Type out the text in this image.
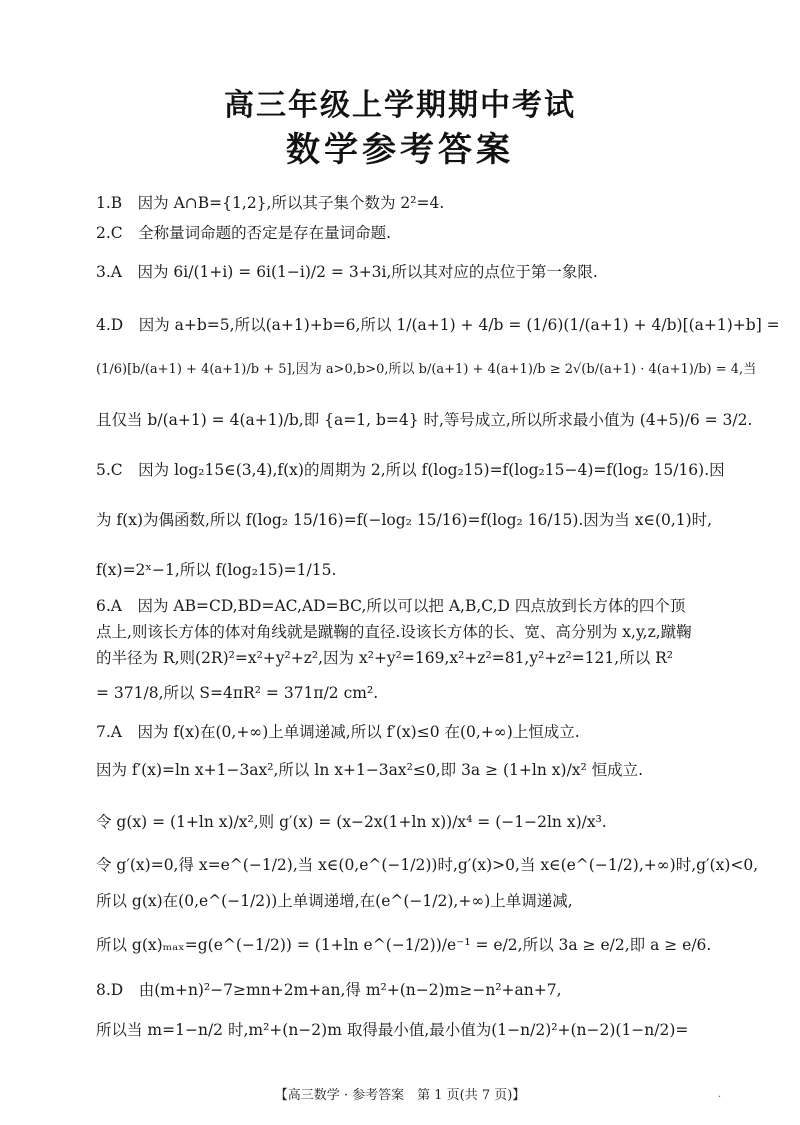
高三年级上学期期中考试
数学参考答案
1.B　因为 A∩B={1,2},所以其子集个数为 2²=4.
2.C　全称量词命题的否定是存在量词命题.
3.A　因为 6i/(1+i) = 6i(1−i)/2 = 3+3i,所以其对应的点位于第一象限.
4.D　因为 a+b=5,所以(a+1)+b=6,所以 1/(a+1) + 4/b = (1/6)(1/(a+1) + 4/b)[(a+1)+b] =
(1/6)[b/(a+1) + 4(a+1)/b + 5],因为 a>0,b>0,所以 b/(a+1) + 4(a+1)/b ≥ 2√(b/(a+1) · 4(a+1)/b) = 4,当
且仅当 b/(a+1) = 4(a+1)/b,即 {a=1, b=4} 时,等号成立,所以所求最小值为 (4+5)/6 = 3/2.
5.C　因为 log₂15∈(3,4),f(x)的周期为 2,所以 f(log₂15)=f(log₂15−4)=f(log₂ 15/16).因
为 f(x)为偶函数,所以 f(log₂ 15/16)=f(−log₂ 15/16)=f(log₂ 16/15).因为当 x∈(0,1)时,
f(x)=2ˣ−1,所以 f(log₂15)=1/15.
6.A　因为 AB=CD,BD=AC,AD=BC,所以可以把 A,B,C,D 四点放到长方体的四个顶
点上,则该长方体的体对角线就是蹴鞠的直径.设该长方体的长、宽、高分别为 x,y,z,蹴鞠
的半径为 R,则(2R)²=x²+y²+z²,因为 x²+y²=169,x²+z²=81,y²+z²=121,所以 R²
= 371/8,所以 S=4πR² = 371π/2 cm².
7.A　因为 f(x)在(0,+∞)上单调递减,所以 f′(x)≤0 在(0,+∞)上恒成立.
因为 f′(x)=ln x+1−3ax²,所以 ln x+1−3ax²≤0,即 3a ≥ (1+ln x)/x² 恒成立.
令 g(x) = (1+ln x)/x²,则 g′(x) = (x−2x(1+ln x))/x⁴ = (−1−2ln x)/x³.
令 g′(x)=0,得 x=e^(−1/2),当 x∈(0,e^(−1/2))时,g′(x)>0,当 x∈(e^(−1/2),+∞)时,g′(x)<0,
所以 g(x)在(0,e^(−1/2))上单调递增,在(e^(−1/2),+∞)上单调递减,
所以 g(x)ₘₐₓ=g(e^(−1/2)) = (1+ln e^(−1/2))/e⁻¹ = e/2,所以 3a ≥ e/2,即 a ≥ e/6.
8.D　由(m+n)²−7≥mn+2m+an,得 m²+(n−2)m≥−n²+an+7,
所以当 m=1−n/2 时,m²+(n−2)m 取得最小值,最小值为(1−n/2)²+(n−2)(1−n/2)=
【高三数学 · 参考答案　第 1 页(共 7 页)】	·
